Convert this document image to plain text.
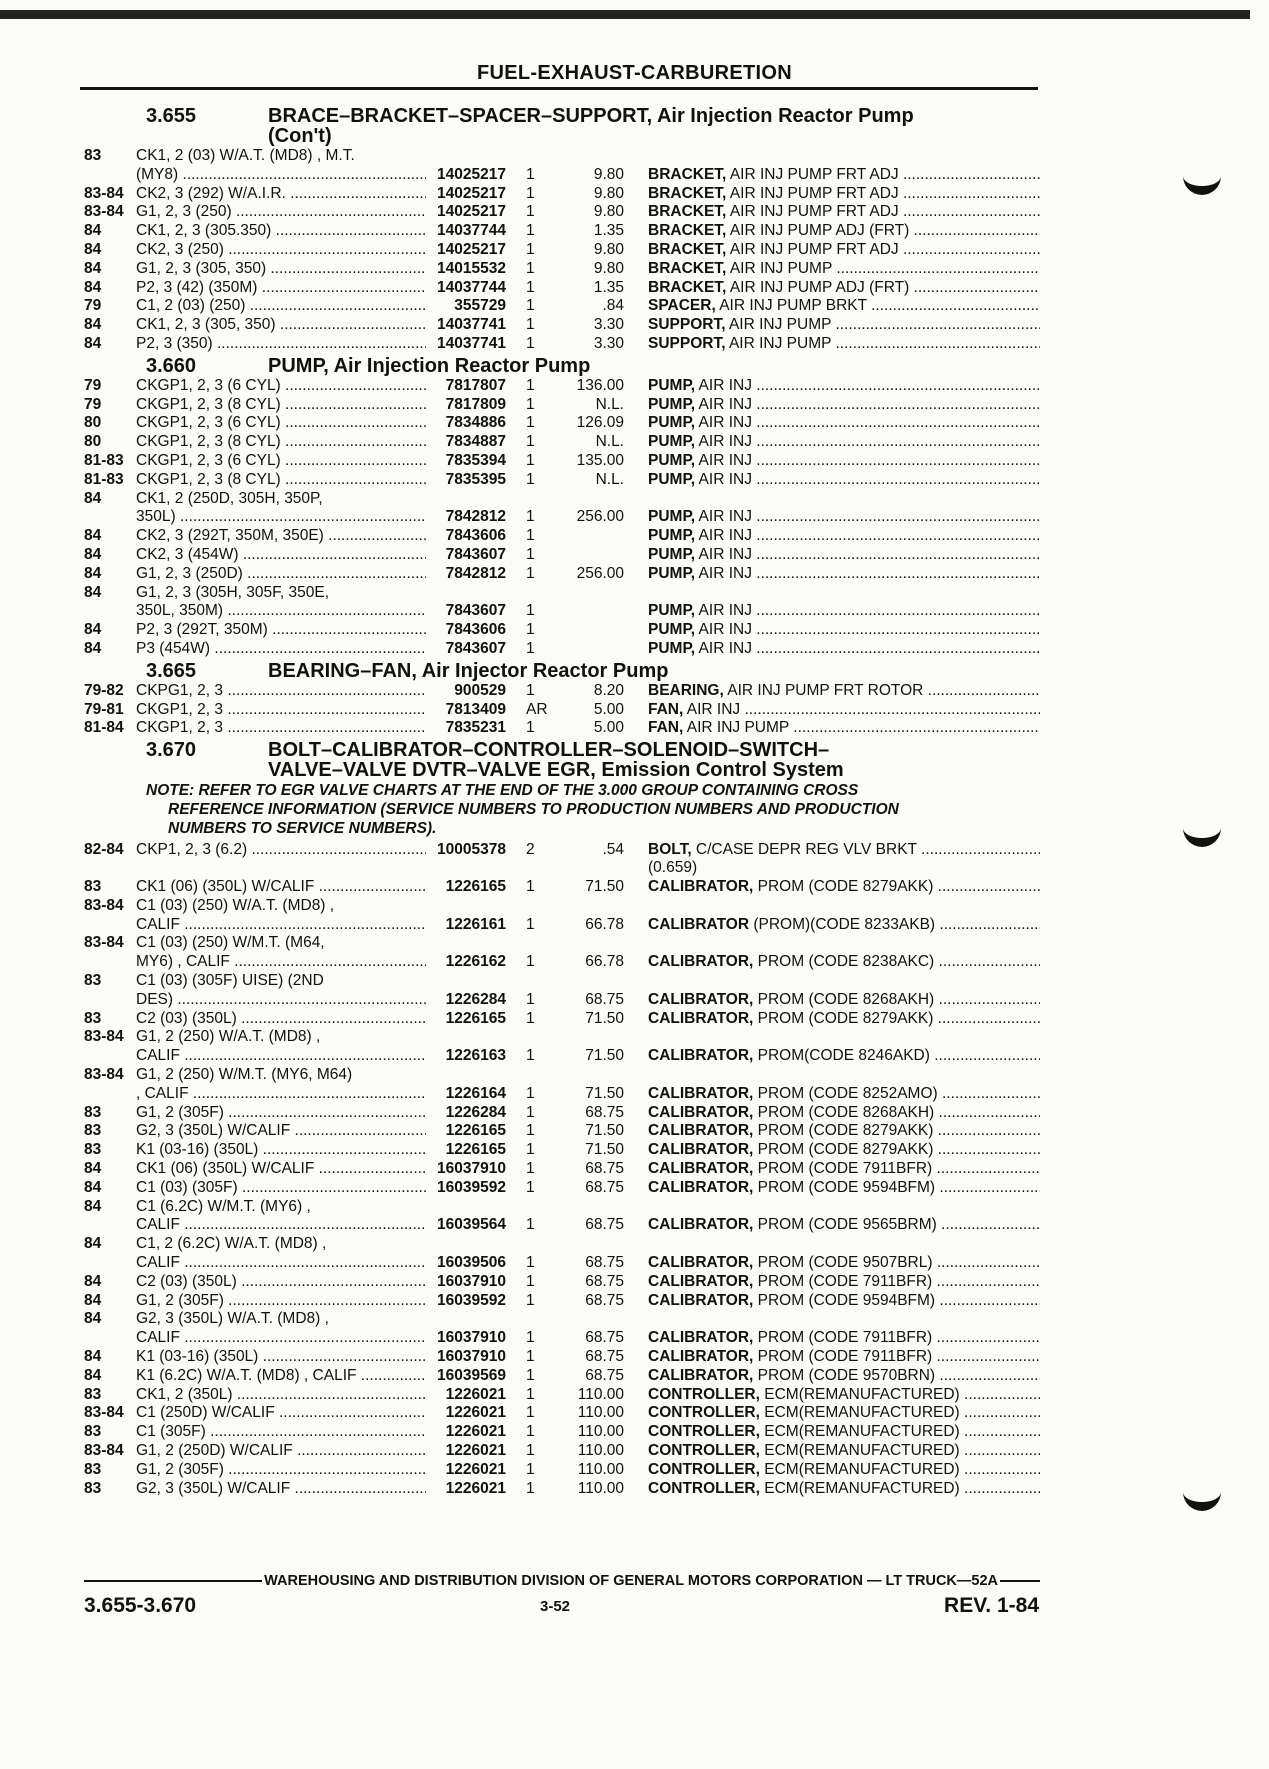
FUEL-EXHAUST-CARBURETION
3.655	BRACE–BRACKET–SPACER–SUPPORT, Air Injection Reactor Pump
(Con't)
83	CK1, 2 (03) W/A.T. (MD8) , M.T.
(MY8) .....	14025217	1	9.80	BRACKET, AIR INJ PUMP FRT ADJ .....
83-84 CK2, 3 (292) W/A.I.R. .....	14025217	1	9.80	BRACKET, AIR INJ PUMP FRT ADJ .....
83-84 G1, 2, 3 (250) .....	14025217	1	9.80	BRACKET, AIR INJ PUMP FRT ADJ .....
84	CK1, 2, 3 (305.350) .....	14037744	1	1.35	BRACKET, AIR INJ PUMP ADJ (FRT) .....
84	CK2, 3 (250) .....	14025217	1	9.80	BRACKET, AIR INJ PUMP FRT ADJ .....
84	G1, 2, 3 (305, 350) .....	14015532	1	9.80	BRACKET, AIR INJ PUMP .....
84	P2, 3 (42) (350M) .....	14037744	1	1.35	BRACKET, AIR INJ PUMP ADJ (FRT) .....
79	C1, 2 (03) (250) .....	355729	1	.84	SPACER, AIR INJ PUMP BRKT .....
84	CK1, 2, 3 (305, 350) .....	14037741	1	3.30	SUPPORT, AIR INJ PUMP .....
84	P2, 3 (350) .....	14037741	1	3.30	SUPPORT, AIR INJ PUMP .....
3.660	PUMP, Air Injection Reactor Pump
79	CKGP1, 2, 3 (6 CYL) .....	7817807	1	136.00	PUMP, AIR INJ .....
79	CKGP1, 2, 3 (8 CYL) .....	7817809	1	N.L.	PUMP, AIR INJ .....
80	CKGP1, 2, 3 (6 CYL) .....	7834886	1	126.09	PUMP, AIR INJ .....
80	CKGP1, 2, 3 (8 CYL) .....	7834887	1	N.L.	PUMP, AIR INJ .....
81-83 CKGP1, 2, 3 (6 CYL) .....	7835394	1	135.00	PUMP, AIR INJ .....
81-83 CKGP1, 2, 3 (8 CYL) .....	7835395	1	N.L.	PUMP, AIR INJ .....
84	CK1, 2 (250D, 305H, 350P,
350L) .....	7842812	1	256.00	PUMP, AIR INJ .....
84	CK2, 3 (292T, 350M, 350E) .....	7843606	1	PUMP, AIR INJ .....
84	CK2, 3 (454W) .....	7843607	1	PUMP, AIR INJ .....
84	G1, 2, 3 (250D) .....	7842812	1	256.00	PUMP, AIR INJ .....
84	G1, 2, 3 (305H, 305F, 350E,
350L, 350M) .....	7843607	1	PUMP, AIR INJ .....
84	P2, 3 (292T, 350M) .....	7843606	1	PUMP, AIR INJ .....
84	P3 (454W) .....	7843607	1	PUMP, AIR INJ .....
3.665	BEARING–FAN, Air Injector Reactor Pump
79-82 CKPG1, 2, 3 .....	900529	1	8.20	BEARING, AIR INJ PUMP FRT ROTOR .....
79-81 CKGP1, 2, 3 .....	7813409	AR	5.00	FAN, AIR INJ .....
81-84 CKGP1, 2, 3 .....	7835231	1	5.00	FAN, AIR INJ PUMP .....
3.670	BOLT–CALIBRATOR–CONTROLLER–SOLENOID–SWITCH–
VALVE–VALVE DVTR–VALVE EGR, Emission Control System
NOTE: REFER TO EGR VALVE CHARTS AT THE END OF THE 3.000 GROUP CONTAINING CROSS
REFERENCE INFORMATION (SERVICE NUMBERS TO PRODUCTION NUMBERS AND PRODUCTION
NUMBERS TO SERVICE NUMBERS).
82-84 CKP1, 2, 3 (6.2) .....	10005378	2	.54	BOLT, C/CASE DEPR REG VLV BRKT .....
(0.659)
83	CK1 (06) (350L) W/CALIF .....	1226165	1	71.50	CALIBRATOR, PROM (CODE 8279AKK) .....
83-84 C1 (03) (250) W/A.T. (MD8) ,
CALIF .....	1226161	1	66.78	CALIBRATOR (PROM)(CODE 8233AKB) .....
83-84 C1 (03) (250) W/M.T. (M64,
MY6) , CALIF .....	1226162	1	66.78	CALIBRATOR, PROM (CODE 8238AKC) .....
83	C1 (03) (305F) UISE) (2ND
DES) .....	1226284	1	68.75	CALIBRATOR, PROM (CODE 8268AKH) .....
83	C2 (03) (350L) .....	1226165	1	71.50	CALIBRATOR, PROM (CODE 8279AKK) .....
83-84 G1, 2 (250) W/A.T. (MD8) ,
CALIF .....	1226163	1	71.50	CALIBRATOR, PROM(CODE 8246AKD) .....
83-84 G1, 2 (250) W/M.T. (MY6, M64)
, CALIF .....	1226164	1	71.50	CALIBRATOR, PROM (CODE 8252AMO) .....
83	G1, 2 (305F) .....	1226284	1	68.75	CALIBRATOR, PROM (CODE 8268AKH) .....
83	G2, 3 (350L) W/CALIF .....	1226165	1	71.50	CALIBRATOR, PROM (CODE 8279AKK) .....
83	K1 (03-16) (350L) .....	1226165	1	71.50	CALIBRATOR, PROM (CODE 8279AKK) .....
84	CK1 (06) (350L) W/CALIF .....	16037910	1	68.75	CALIBRATOR, PROM (CODE 7911BFR) .....
84	C1 (03) (305F) .....	16039592	1	68.75	CALIBRATOR, PROM (CODE 9594BFM) .....
84	C1 (6.2C) W/M.T. (MY6) ,
CALIF .....	16039564	1	68.75	CALIBRATOR, PROM (CODE 9565BRM) .....
84	C1, 2 (6.2C) W/A.T. (MD8) ,
CALIF .....	16039506	1	68.75	CALIBRATOR, PROM (CODE 9507BRL) .....
84	C2 (03) (350L) .....	16037910	1	68.75	CALIBRATOR, PROM (CODE 7911BFR) .....
84	G1, 2 (305F) .....	16039592	1	68.75	CALIBRATOR, PROM (CODE 9594BFM) .....
84	G2, 3 (350L) W/A.T. (MD8) ,
CALIF .....	16037910	1	68.75	CALIBRATOR, PROM (CODE 7911BFR) .....
84	K1 (03-16) (350L) .....	16037910	1	68.75	CALIBRATOR, PROM (CODE 7911BFR) .....
84	K1 (6.2C) W/A.T. (MD8) , CALIF .....	16039569	1	68.75	CALIBRATOR, PROM (CODE 9570BRN) .....
83	CK1, 2 (350L) .....	1226021	1	110.00	CONTROLLER, ECM(REMANUFACTURED) .....
83-84 C1 (250D) W/CALIF .....	1226021	1	110.00	CONTROLLER, ECM(REMANUFACTURED) .....
83	C1 (305F) .....	1226021	1	110.00	CONTROLLER, ECM(REMANUFACTURED) .....
83-84 G1, 2 (250D) W/CALIF .....	1226021	1	110.00	CONTROLLER, ECM(REMANUFACTURED) .....
83	G1, 2 (305F) .....	1226021	1	110.00	CONTROLLER, ECM(REMANUFACTURED) .....
83	G2, 3 (350L) W/CALIF .....	1226021	1	110.00	CONTROLLER, ECM(REMANUFACTURED) .....
WAREHOUSING AND DISTRIBUTION DIVISION OF GENERAL MOTORS CORPORATION — LT TRUCK—52A
3.655-3.670	3-52	REV. 1-84
